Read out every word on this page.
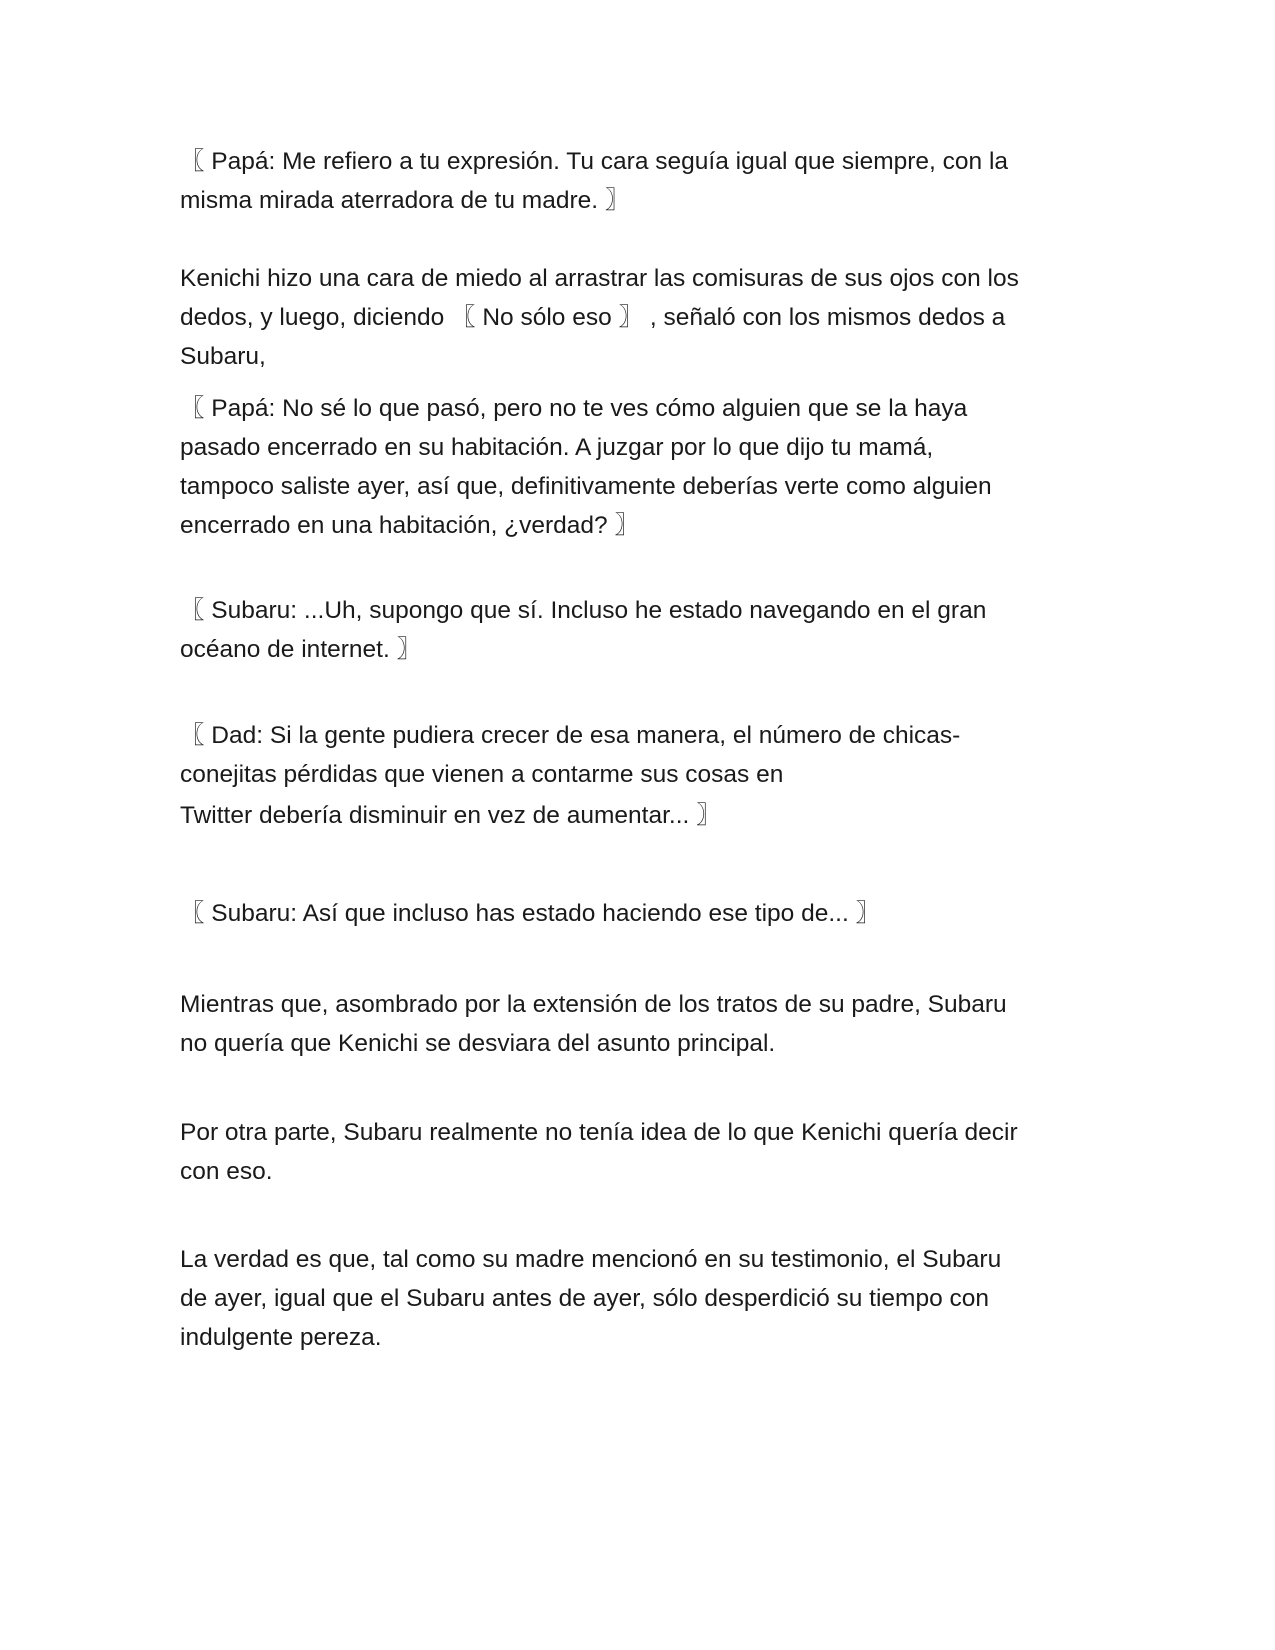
〖 Papá: Me refiero a tu expresión. Tu cara seguía igual que siempre, con la
misma mirada aterradora de tu madre. 〗

Kenichi hizo una cara de miedo al arrastrar las comisuras de sus ojos con los
dedos, y luego, diciendo 〖 No sólo eso 〗 , señaló con los mismos dedos a
Subaru,

〖 Papá: No sé lo que pasó, pero no te ves cómo alguien que se la haya
pasado encerrado en su habitación. A juzgar por lo que dijo tu mamá,
tampoco saliste ayer, así que, definitivamente deberías verte como alguien
encerrado en una habitación, ¿verdad? 〗

〖 Subaru: ...Uh, supongo que sí. Incluso he estado navegando en el gran
océano de internet. 〗

〖 Dad: Si la gente pudiera crecer de esa manera, el número de chicas-
conejitas pérdidas que vienen a contarme sus cosas en
Twitter debería disminuir en vez de aumentar... 〗

〖 Subaru: Así que incluso has estado haciendo ese tipo de... 〗

Mientras que, asombrado por la extensión de los tratos de su padre, Subaru
no quería que Kenichi se desviara del asunto principal.

Por otra parte, Subaru realmente no tenía idea de lo que Kenichi quería decir
con eso.

La verdad es que, tal como su madre mencionó en su testimonio, el Subaru
de ayer, igual que el Subaru antes de ayer, sólo desperdició su tiempo con
indulgente pereza.
